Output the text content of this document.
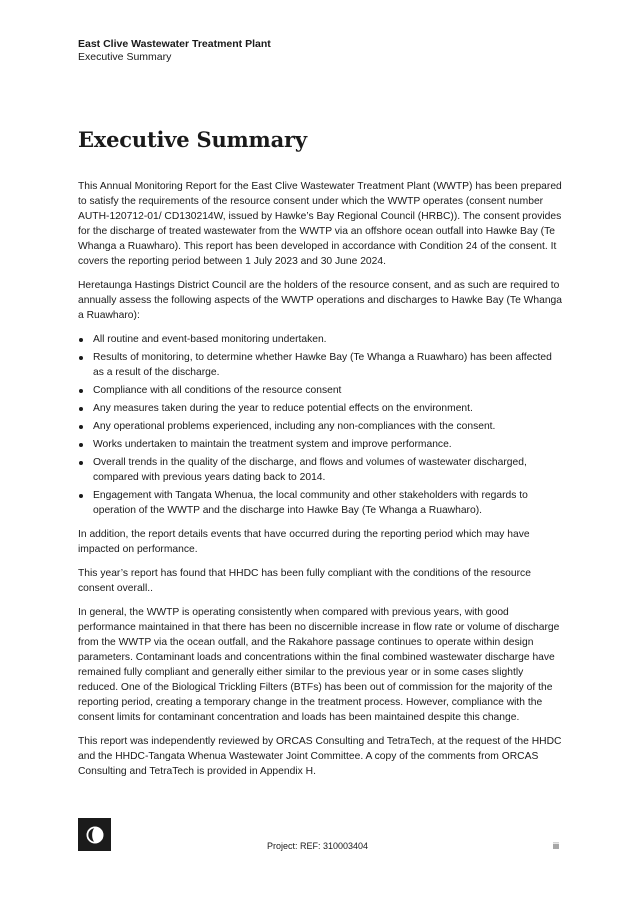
East Clive Wastewater Treatment Plant
Executive Summary
Executive Summary

This Annual Monitoring Report for the East Clive Wastewater Treatment Plant (WWTP) has been prepared to satisfy the requirements of the resource consent under which the WWTP operates (consent number AUTH-120712-01/ CD130214W, issued by Hawke’s Bay Regional Council (HRBC)). The consent provides for the discharge of treated wastewater from the WWTP via an offshore ocean outfall into Hawke Bay (Te Whanga a Ruawharo). This report has been developed in accordance with Condition 24 of the consent. It covers the reporting period between 1 July 2023 and 30 June 2024.

Heretaunga Hastings District Council are the holders of the resource consent, and as such are required to annually assess the following aspects of the WWTP operations and discharges to Hawke Bay (Te Whanga a Ruawharo):

All routine and event-based monitoring undertaken.
Results of monitoring, to determine whether Hawke Bay (Te Whanga a Ruawharo) has been affected as a result of the discharge.
Compliance with all conditions of the resource consent
Any measures taken during the year to reduce potential effects on the environment.
Any operational problems experienced, including any non-compliances with the consent.
Works undertaken to maintain the treatment system and improve performance.
Overall trends in the quality of the discharge, and flows and volumes of wastewater discharged, compared with previous years dating back to 2014.
Engagement with Tangata Whenua, the local community and other stakeholders with regards to operation of the WWTP and the discharge into Hawke Bay (Te Whanga a Ruawharo).

In addition, the report details events that have occurred during the reporting period which may have impacted on performance.

This year’s report has found that HHDC has been fully compliant with the conditions of the resource consent overall..

In general, the WWTP is operating consistently when compared with previous years, with good performance maintained in that there has been no discernible increase in flow rate or volume of discharge from the WWTP via the ocean outfall, and the Rakahore passage continues to operate within design parameters. Contaminant loads and concentrations within the final combined wastewater discharge have remained fully compliant and generally either similar to the previous year or in some cases slightly reduced. One of the Biological Trickling Filters (BTFs) has been out of commission for the majority of the reporting period, creating a temporary change in the treatment process. However, compliance with the consent limits for contaminant concentration and loads has been maintained despite this change.

This report was independently reviewed by ORCAS Consulting and TetraTech, at the request of the HHDC and the HHDC-Tangata Whenua Wastewater Joint Committee. A copy of the comments from ORCAS Consulting and TetraTech is provided in Appendix H.

Project: REF: 310003404	iii
